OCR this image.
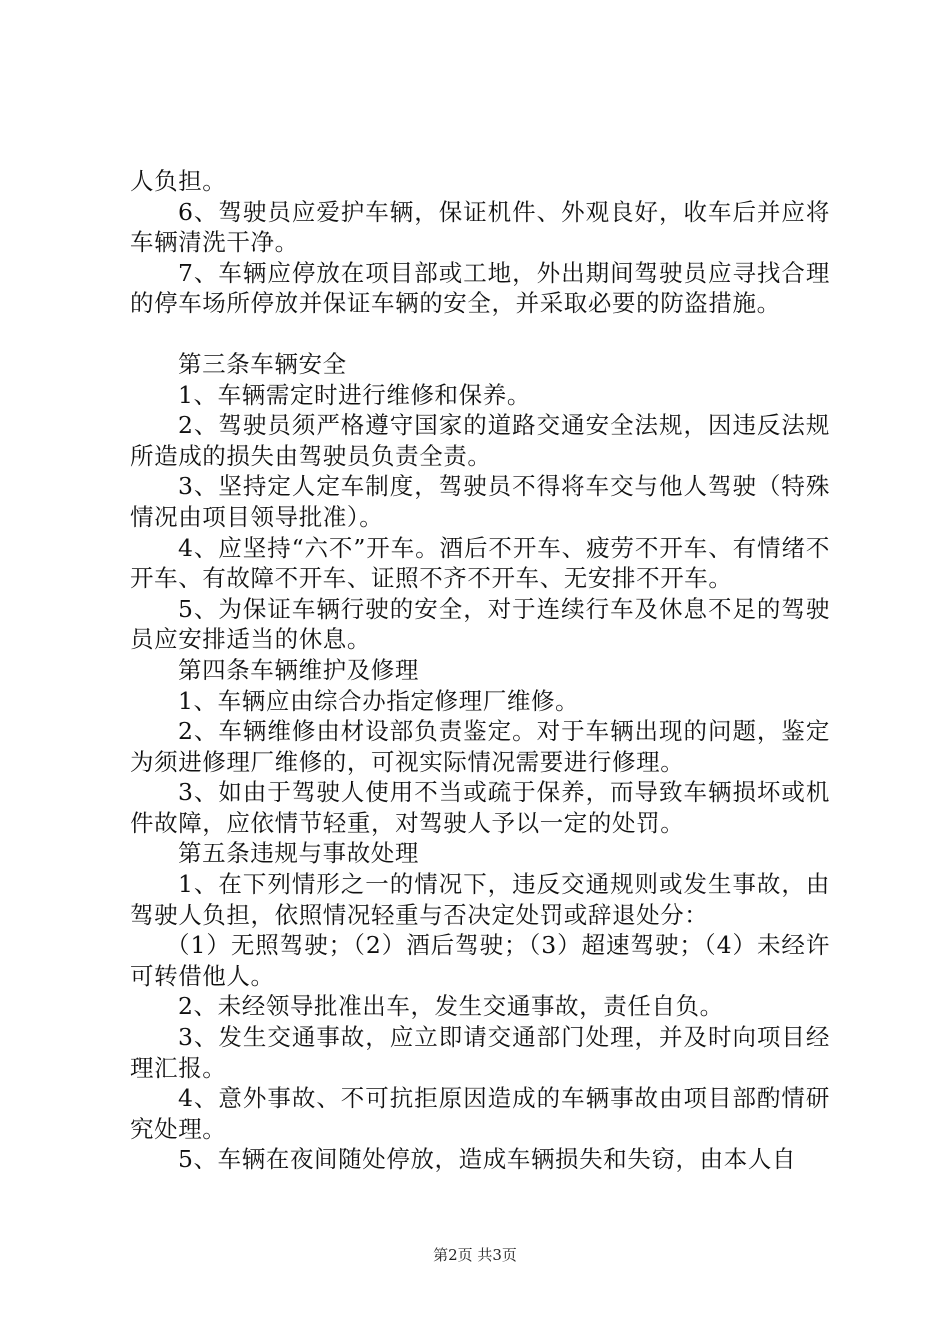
人负担。

6、驾驶员应爱护车辆，保证机件、外观良好，收车后并应将车辆清洗干净。

7、车辆应停放在项目部或工地，外出期间驾驶员应寻找合理的停车场所停放并保证车辆的安全，并采取必要的防盗措施。

第三条车辆安全

1、车辆需定时进行维修和保养。

2、驾驶员须严格遵守国家的道路交通安全法规，因违反法规所造成的损失由驾驶员负责全责。

3、坚持定人定车制度，驾驶员不得将车交与他人驾驶（特殊情况由项目领导批准）。

4、应坚持“六不”开车。酒后不开车、疲劳不开车、有情绪不开车、有故障不开车、证照不齐不开车、无安排不开车。

5、为保证车辆行驶的安全，对于连续行车及休息不足的驾驶员应安排适当的休息。

第四条车辆维护及修理

1、车辆应由综合办指定修理厂维修。

2、车辆维修由材设部负责鉴定。对于车辆出现的问题，鉴定为须进修理厂维修的，可视实际情况需要进行修理。

3、如由于驾驶人使用不当或疏于保养，而导致车辆损坏或机件故障，应依情节轻重，对驾驶人予以一定的处罚。

第五条违规与事故处理

1、在下列情形之一的情况下，违反交通规则或发生事故，由驾驶人负担，依照情况轻重与否决定处罚或辞退处分：

（1）无照驾驶；（2）酒后驾驶；（3）超速驾驶；（4）未经许可转借他人。

2、未经领导批准出车，发生交通事故，责任自负。

3、发生交通事故，应立即请交通部门处理，并及时向项目经理汇报。

4、意外事故、不可抗拒原因造成的车辆事故由项目部酌情研究处理。

5、车辆在夜间随处停放，造成车辆损失和失窃，由本人自

第2页 共3页
